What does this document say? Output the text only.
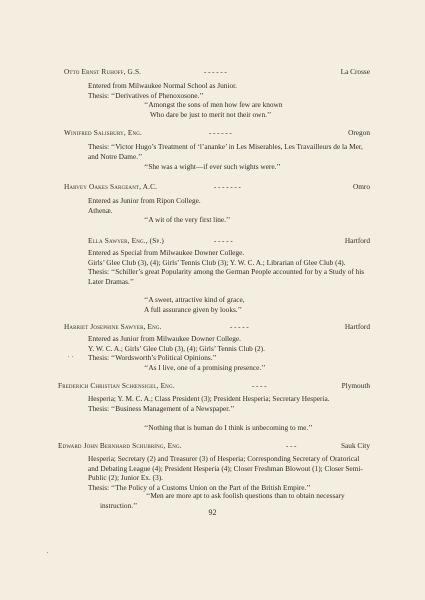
Otto Ernst Ruhoff, G.S.	- - - - - -	La Crosse

Entered from Milwaukee Normal School as Junior.

Thesis: ‘‘Derivatives of Phenoxosone.’’

‘‘Amongst the sons of men how few are known

Who dare be just to merit not their own.’’

Winifred Salisbury, Eng.	- - - - - -	Oregon

Thesis: ‘‘Victor Hugo’s Treatment of ‘l’ananke’ in Les Miserables, Les Travailleurs de la Mer, and Notre Dame.’’

‘‘She was a wight—if ever such wights were.’’

Harvey Oakes Sargeant, A.C.	- - - - - - -	Omro

Entered as Junior from Ripon College.

Athenæ.

‘‘A wit of the very first line.’’

Ella Sawyer, Eng., (Sp.)	- - - - -	Hartford

Entered as Special from Milwaukee Downer College.

Girls’ Glee Club (3), (4); Girls’ Tennis Club (3); Y. W. C. A.; Librarian of Glee Club (4).

Thesis: ‘‘Schiller’s great Popularity among the German People accounted for by a Study of his Later Dramas.’’

‘‘A sweet, attractive kind of grace,

A full assurance given by looks.’’

Harriet Josephine Sawyer, Eng.	- - - - -	Hartford

Entered as Junior from Milwaukee Downer College.

Y. W. C. A.; Girls’ Glee Club (3), (4); Girls’ Tennis Club (2).

Thesis: ‘‘Wordsworth’s Political Opinions.’’

‘‘As I live, one of a promising presence.’’

Frederich Christian Schœnsigel, Eng.	- - - -	Plymouth

Hesperia; Y. M. C. A.; Class President (3); President Hesperia; Secretary Hesperia.

Thesis: ‘‘Business Management of a Newspaper.’’

‘‘Nothing that is human do I think is unbecoming to me.’’

Edward John Bernhard Schubring, Eng.	- - -	Sauk City

Hesperia; Secretary (2) and Treasurer (3) of Hesperia; Corresponding Secretary of Oratorical and Debating League (4); President Hesperia (4); Closer Freshman Blowout (1); Closer Semi-Public (2); Junior Ex. (3).

Thesis: ‘‘The Policy of a Customs Union on the Part of the British Empire.’’

‘‘Men are more apt to ask foolish questions than to obtain necessary instruction.’’

92
